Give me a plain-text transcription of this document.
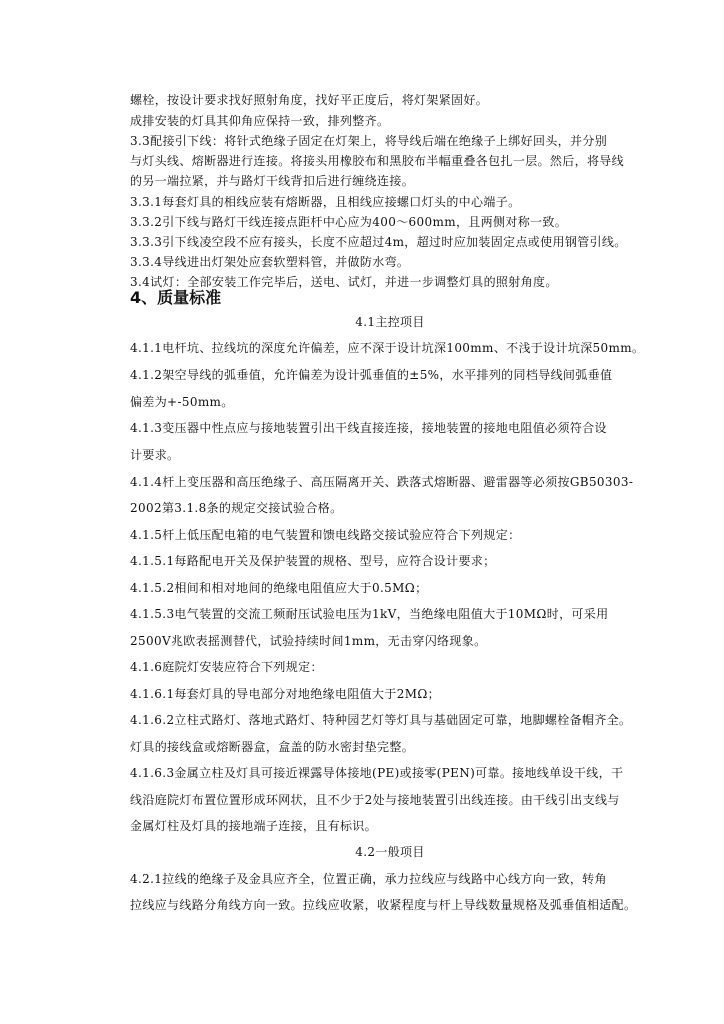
螺栓，按设计要求找好照射角度，找好平正度后，将灯架紧固好。
成排安装的灯具其仰角应保持一致，排列整齐。
3.3配接引下线：将针式绝缘子固定在灯架上，将导线后端在绝缘子上绑好回头，并分别
与灯头线、熔断器进行连接。将接头用橡胶布和黑胶布半幅重叠各包扎一层。然后，将导线
的另一端拉紧，并与路灯干线背扣后进行缠绕连接。
3.3.1每套灯具的相线应装有熔断器，且相线应接螺口灯头的中心端子。
3.3.2引下线与路灯干线连接点距杆中心应为400～600mm，且两侧对称一致。
3.3.3引下线凌空段不应有接头，长度不应超过4m，超过时应加装固定点或使用钢管引线。
3.3.4导线进出灯架处应套软塑料管，并做防水弯。
3.4试灯：全部安装工作完毕后，送电、试灯，并进一步调整灯具的照射角度。
4、质量标准
4.1主控项目
4.1.1电杆坑、拉线坑的深度允许偏差，应不深于设计坑深100mm、不浅于设计坑深50mm。
4.1.2架空导线的弧垂值，允许偏差为设计弧垂值的±5%，水平排列的同档导线间弧垂值
偏差为+-50mm。
4.1.3变压器中性点应与接地装置引出干线直接连接，接地装置的接地电阻值必须符合设
计要求。
4.1.4杆上变压器和高压绝缘子、高压隔离开关、跌落式熔断器、避雷器等必须按GB50303-
2002第3.1.8条的规定交接试验合格。
4.1.5杆上低压配电箱的电气装置和馈电线路交接试验应符合下列规定：
4.1.5.1每路配电开关及保护装置的规格、型号，应符合设计要求；
4.1.5.2相间和相对地间的绝缘电阻值应大于0.5MΩ；
4.1.5.3电气装置的交流工频耐压试验电压为1kV，当绝缘电阻值大于10MΩ时，可采用
2500V兆欧表摇测替代，试验持续时间1mm，无击穿闪络现象。
4.1.6庭院灯安装应符合下列规定：
4.1.6.1每套灯具的导电部分对地绝缘电阻值大于2MΩ；
4.1.6.2立柱式路灯、落地式路灯、特种园艺灯等灯具与基础固定可靠，地脚螺栓备帽齐全。
灯具的接线盒或熔断器盒，盒盖的防水密封垫完整。
4.1.6.3金属立柱及灯具可接近裸露导体接地(PE)或接零(PEN)可靠。接地线单设干线，干
线沿庭院灯布置位置形成环网状，且不少于2处与接地装置引出线连接。由干线引出支线与
金属灯柱及灯具的接地端子连接，且有标识。
4.2一般项目
4.2.1拉线的绝缘子及金具应齐全，位置正确，承力拉线应与线路中心线方向一致，转角
拉线应与线路分角线方向一致。拉线应收紧，收紧程度与杆上导线数量规格及弧垂值相适配。
